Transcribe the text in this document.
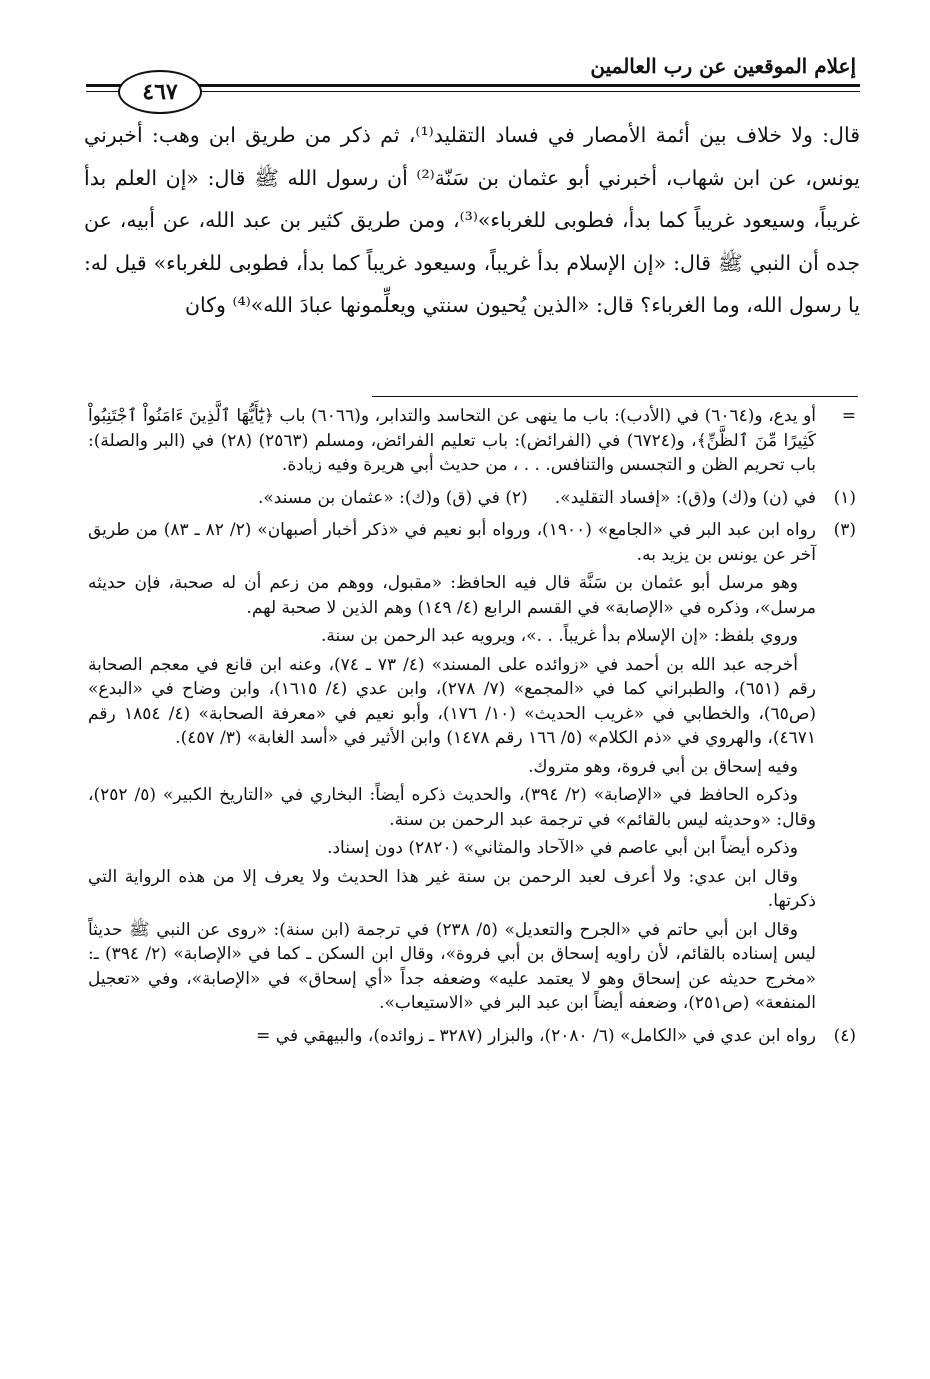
إعلام الموقعين عن رب العالمين
٤٦٧

قال: ولا خلاف بين أئمة الأمصار في فساد التقليد⁽¹⁾، ثم ذكر من طريق ابن وهب: أخبرني يونس، عن ابن شهاب، أخبرني أبو عثمان بن سَنّة⁽²⁾ أن رسول الله ﷺ قال: «إن العلم بدأ غريباً، وسيعود غريباً كما بدأ، فطوبى للغرباء»⁽³⁾، ومن طريق كثير بن عبد الله، عن أبيه، عن جده أن النبي ﷺ قال: «إن الإسلام بدأ غريباً، وسيعود غريباً كما بدأ، فطوبى للغرباء» قيل له: يا رسول الله، وما الغرباء؟ قال: «الذين يُحيون سنتي ويعلِّمونها عبادَ الله»⁽⁴⁾ وكان

=

أو يدع، و(٦٠٦٤) في (الأدب): باب ما ينهى عن التحاسد والتدابر، و(٦٠٦٦) باب ﴿يَٰٓأَيُّهَا ٱلَّذِينَ ءَامَنُواْ ٱجْتَنِبُواْ كَثِيرًا مِّنَ ٱلظَّنِّ﴾، و(٦٧٢٤) في (الفرائض): باب تعليم الفرائض، ومسلم (٢٥٦٣) (٢٨) في (البر والصلة): باب تحريم الظن و التجسس والتنافس. . . ، من حديث أبي هريرة وفيه زيادة.

(١)

في (ن) و(ك) و(ق): «إفساد التقليد».     (٢) في (ق) و(ك): «عثمان بن مسند».

(٣)

رواه ابن عبد البر في «الجامع» (١٩٠٠)، ورواه أبو نعيم في «ذكر أخبار أصبهان» (٢/ ٨٢ ـ ٨٣) من طريق آخر عن يونس بن يزيد به.

وهو مرسل أبو عثمان بن سَنَّة قال فيه الحافظ: «مقبول، ووهم من زعم أن له صحبة، فإن حديثه مرسل»، وذكره في «الإصابة» في القسم الرابع (٤/ ١٤٩) وهم الذين لا صحبة لهم.

وروي بلفظ: «إن الإسلام بدأ غريباً. . .»، ويرويه عبد الرحمن بن سنة.

أخرجه عبد الله بن أحمد في «زوائده على المسند» (٤/ ٧٣ ـ ٧٤)، وعنه ابن قانع في معجم الصحابة رقم (٦٥١)، والطبراني كما في «المجمع» (٧/ ٢٧٨)، وابن عدي (٤/ ١٦١٥)، وابن وضاح في «البدع» (ص٦٥)، والخطابي في «غريب الحديث» (١٠/ ١٧٦)، وأبو نعيم في «معرفة الصحابة» (٤/ ١٨٥٤ رقم ٤٦٧١)، والهروي في «ذم الكلام» (٥/ ١٦٦ رقم ١٤٧٨) وابن الأثير في «أسد الغابة» (٣/ ٤٥٧).

وفيه إسحاق بن أبي فروة، وهو متروك.

وذكره الحافظ في «الإصابة» (٢/ ٣٩٤)، والحديث ذكره أيضاً: البخاري في «التاريخ الكبير» (٥/ ٢٥٢)، وقال: «وحديثه ليس بالقائم» في ترجمة عبد الرحمن بن سنة.

وذكره أيضاً ابن أبي عاصم في «الآحاد والمثاني» (٢٨٢٠) دون إسناد.

وقال ابن عدي: ولا أعرف لعبد الرحمن بن سنة غير هذا الحديث ولا يعرف إلا من هذه الرواية التي ذكرتها.

وقال ابن أبي حاتم في «الجرح والتعديل» (٥/ ٢٣٨) في ترجمة (ابن سنة): «روى عن النبي ﷺ حديثاً ليس إسناده بالقائم، لأن راويه إسحاق بن أبي فروة»، وقال ابن السكن ـ كما في «الإصابة» (٢/ ٣٩٤) ـ: «مخرج حديثه عن إسحاق وهو لا يعتمد عليه» وضعفه جداً «أي إسحاق» في «الإصابة»، وفي «تعجيل المنفعة» (ص٢٥١)، وضعفه أيضاً ابن عبد البر في «الاستيعاب».

(٤)

رواه ابن عدي في «الكامل» (٦/ ٢٠٨٠)، والبزار (٣٢٨٧ ـ زوائده)، والبيهقي في =
